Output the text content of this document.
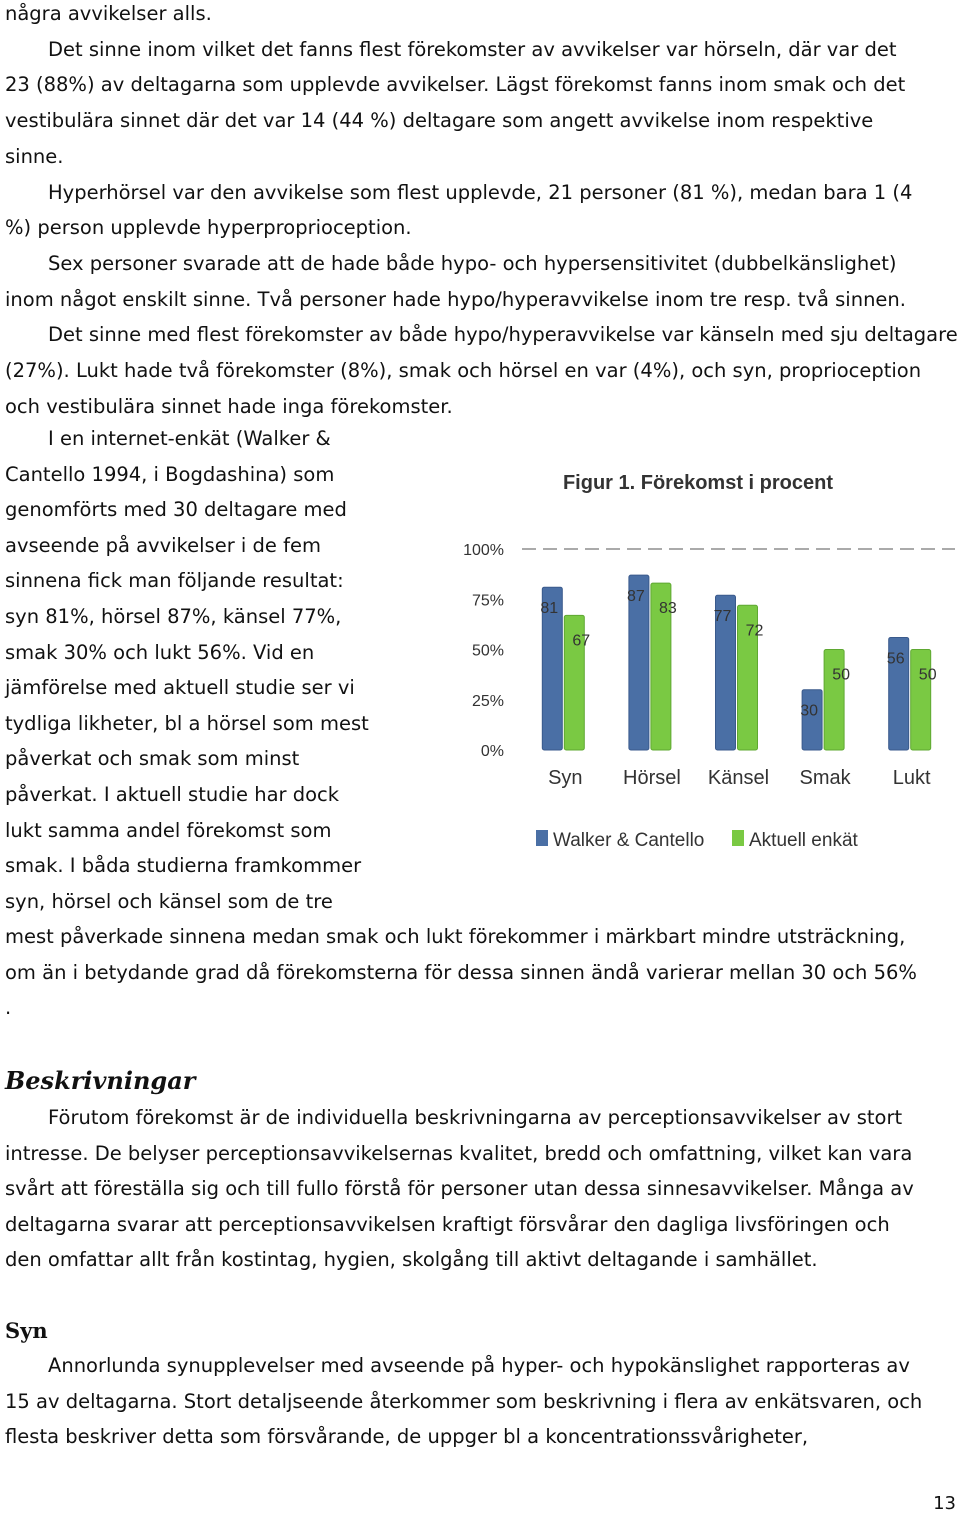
några avvikelser alls.
Det sinne inom vilket det fanns flest förekomster av avvikelser var hörseln, där var det
23 (88%) av deltagarna som upplevde avvikelser. Lägst förekomst fanns inom smak och det
vestibulära sinnet där det var 14 (44 %) deltagare som angett avvikelse inom respektive
sinne.
Hyperhörsel var den avvikelse som flest upplevde, 21 personer (81 %), medan bara 1 (4
%) person upplevde hyperproprioception.
Sex personer svarade att de hade både hypo- och hypersensitivitet (dubbelkänslighet)
inom något enskilt sinne. Två personer hade hypo/hyperavvikelse inom tre resp. två sinnen.
Det sinne med flest förekomster av både hypo/hyperavvikelse var känseln med sju deltagare
(27%). Lukt hade två förekomster (8%), smak och hörsel en var (4%), och syn, proprioception
och vestibulära sinnet hade inga förekomster.
I en internet-enkät (Walker &
Cantello 1994, i Bogdashina) som
genomförts med 30 deltagare med
avseende på avvikelser i de fem
sinnena fick man följande resultat:
syn 81%, hörsel 87%, känsel 77%,
smak 30% och lukt 56%. Vid en
jämförelse med aktuell studie ser vi
tydliga likheter, bl a hörsel som mest
påverkat och smak som minst
påverkat. I aktuell studie har dock
lukt samma andel förekomst som
smak. I båda studierna framkommer
syn, hörsel och känsel som de tre
mest påverkade sinnena medan smak och lukt förekommer i märkbart mindre utsträckning,
om än i betydande grad då förekomsterna för dessa sinnen ändå varierar mellan 30 och 56%
.
Beskrivningar
Förutom förekomst är de individuella beskrivningarna av perceptionsavvikelser av stort
intresse. De belyser perceptionsavvikelsernas kvalitet, bredd och omfattning, vilket kan vara
svårt att föreställa sig och till fullo förstå för personer utan dessa sinnesavvikelser. Många av
deltagarna svarar att perceptionsavvikelsen kraftigt försvårar den dagliga livsföringen och
den omfattar allt från kostintag, hygien, skolgång till aktivt deltagande i samhället.
Syn
Annorlunda synupplevelser med avseende på hyper- och hypokänslighet rapporteras av
15 av deltagarna. Stort detaljseende återkommer som beskrivning i flera av enkätsvaren, och
flesta beskriver detta som försvårande, de uppger bl a koncentrationssvårigheter,
13
Figur 1. Förekomst i procent
0%
25%
50%
75%
100%
81
67
87
83 77
72
30
50
56
50
Syn Hörsel Känsel Smak Lukt
Walker & Cantello Aktuell enkät
